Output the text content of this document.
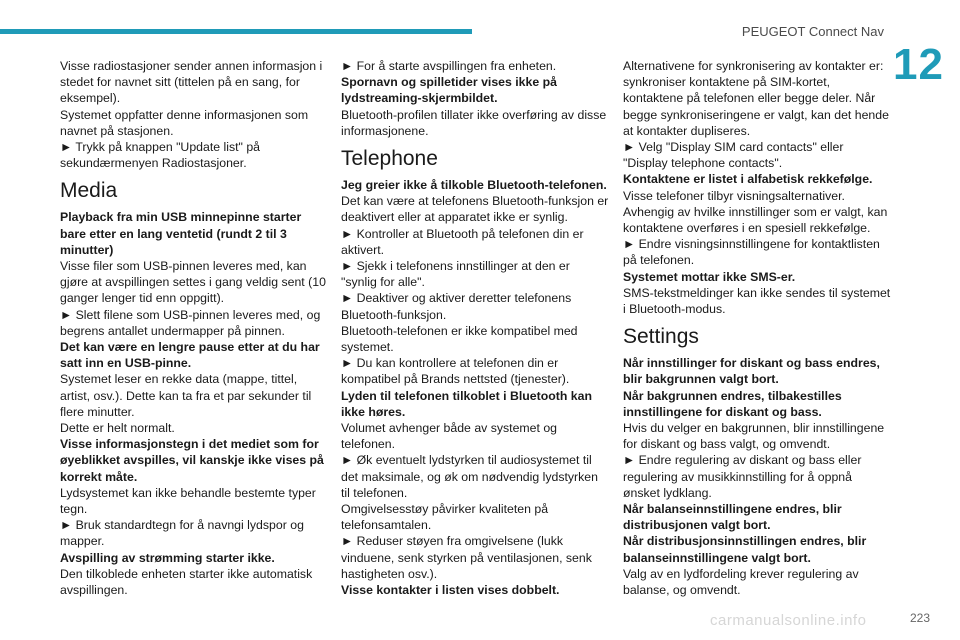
PEUGEOT Connect Nav
12

Visse radiostasjoner sender annen informasjon i stedet for navnet sitt (tittelen på en sang, for eksempel).

Systemet oppfatter denne informasjonen som navnet på stasjonen.

► Trykk på knappen "Update list" på sekundærmenyen Radiostasjoner.

Media

Playback fra min USB minnepinne starter bare etter en lang ventetid (rundt 2 til 3 minutter)

Visse filer som USB-pinnen leveres med, kan gjøre at avspillingen settes i gang veldig sent (10 ganger lenger tid enn oppgitt).

► Slett filene som USB-pinnen leveres med, og begrens antallet undermapper på pinnen.

Det kan være en lengre pause etter at du har satt inn en USB-pinne.

Systemet leser en rekke data (mappe, tittel, artist, osv.). Dette kan ta fra et par sekunder til flere minutter.

Dette er helt normalt.

Visse informasjonstegn i det mediet som for øyeblikket avspilles, vil kanskje ikke vises på korrekt måte.

Lydsystemet kan ikke behandle bestemte typer tegn.

► Bruk standardtegn for å navngi lydspor og mapper.

Avspilling av strømming starter ikke.

Den tilkoblede enheten starter ikke automatisk avspillingen.

► For å starte avspillingen fra enheten.

Spornavn og spilletider vises ikke på lydstreaming-skjermbildet.

Bluetooth-profilen tillater ikke overføring av disse informasjonene.

Telephone

Jeg greier ikke å tilkoble Bluetooth-telefonen.

Det kan være at telefonens Bluetooth-funksjon er deaktivert eller at apparatet ikke er synlig.

► Kontroller at Bluetooth på telefonen din er aktivert.

► Sjekk i telefonens innstillinger at den er "synlig for alle".

► Deaktiver og aktiver deretter telefonens Bluetooth-funksjon.

Bluetooth-telefonen er ikke kompatibel med systemet.

► Du kan kontrollere at telefonen din er kompatibel på Brands nettsted (tjenester).

Lyden til telefonen tilkoblet i Bluetooth kan ikke høres.

Volumet avhenger både av systemet og telefonen.

► Øk eventuelt lydstyrken til audiosystemet til det maksimale, og øk om nødvendig lydstyrken til telefonen.

Omgivelsesstøy påvirker kvaliteten på telefonsamtalen.

► Reduser støyen fra omgivelsene (lukk vinduene, senk styrken på ventilasjonen, senk hastigheten osv.).

Visse kontakter i listen vises dobbelt.

Alternativene for synkronisering av kontakter er: synkroniser kontaktene på SIM-kortet, kontaktene på telefonen eller begge deler. Når begge synkroniseringene er valgt, kan det hende at kontakter dupliseres.

► Velg "Display SIM card contacts" eller "Display telephone contacts".

Kontaktene er listet i alfabetisk rekkefølge.

Visse telefoner tilbyr visningsalternativer. Avhengig av hvilke innstillinger som er valgt, kan kontaktene overføres i en spesiell rekkefølge.

► Endre visningsinnstillingene for kontaktlisten på telefonen.

Systemet mottar ikke SMS-er.

SMS-tekstmeldinger kan ikke sendes til systemet i Bluetooth-modus.

Settings

Når innstillinger for diskant og bass endres, blir bakgrunnen valgt bort.

Når bakgrunnen endres, tilbakestilles innstillingene for diskant og bass.

Hvis du velger en bakgrunnen, blir innstillingene for diskant og bass valgt, og omvendt.

► Endre regulering av diskant og bass eller regulering av musikkinnstilling for å oppnå ønsket lydklang.

Når balanseinnstillingene endres, blir distribusjonen valgt bort.

Når distribusjonsinnstillingen endres, blir balanseinnstillingene valgt bort.

Valg av en lydfordeling krever regulering av balanse, og omvendt.

carmanualsonline.info	223
